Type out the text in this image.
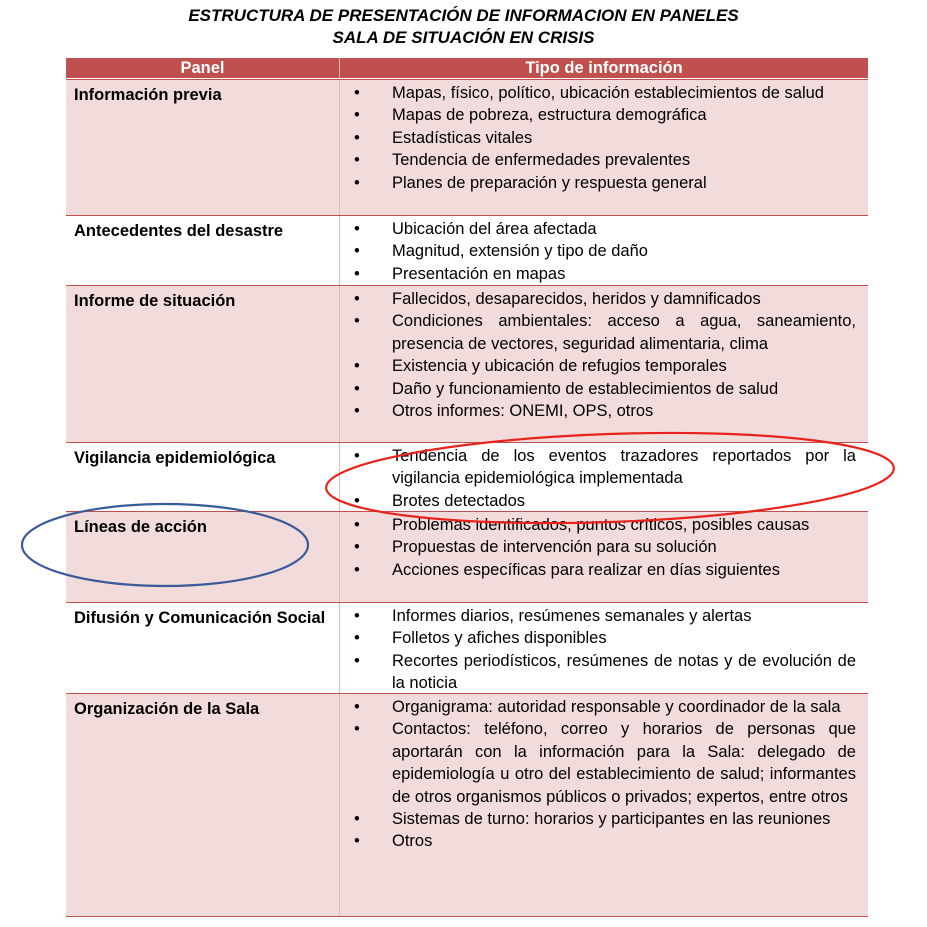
ESTRUCTURA DE PRESENTACIÓN DE INFORMACION EN PANELES
SALA DE SITUACIÓN EN CRISIS
Panel	Tipo de información
Información previa	• Mapas, físico, político, ubicación establecimientos de salud
• Mapas de pobreza, estructura demográfica
• Estadísticas vitales
• Tendencia de enfermedades prevalentes
• Planes de preparación y respuesta general
Antecedentes del desastre	• Ubicación del área afectada
• Magnitud, extensión y tipo de daño
• Presentación en mapas
Informe de situación	• Fallecidos, desaparecidos, heridos y damnificados
• Condiciones ambientales: acceso a agua, saneamiento, presencia de vectores, seguridad alimentaria, clima
• Existencia y ubicación de refugios temporales
• Daño y funcionamiento de establecimientos de salud
• Otros informes: ONEMI, OPS, otros
Vigilancia epidemiológica	• Tendencia de los eventos trazadores reportados por la vigilancia epidemiológica implementada
• Brotes detectados
Líneas de acción	• Problemas identificados, puntos críticos, posibles causas
• Propuestas de intervención para su solución
• Acciones específicas para realizar en días siguientes
Difusión y Comunicación Social	• Informes diarios, resúmenes semanales y alertas
• Folletos y afiches disponibles
• Recortes periodísticos, resúmenes de notas y de evolución de la noticia
Organización de la Sala	• Organigrama: autoridad responsable y coordinador de la sala
• Contactos: teléfono, correo y horarios de personas que aportarán con la información para la Sala: delegado de epidemiología u otro del establecimiento de salud; informantes de otros organismos públicos o privados; expertos, entre otros
• Sistemas de turno: horarios y participantes en las reuniones
• Otros
